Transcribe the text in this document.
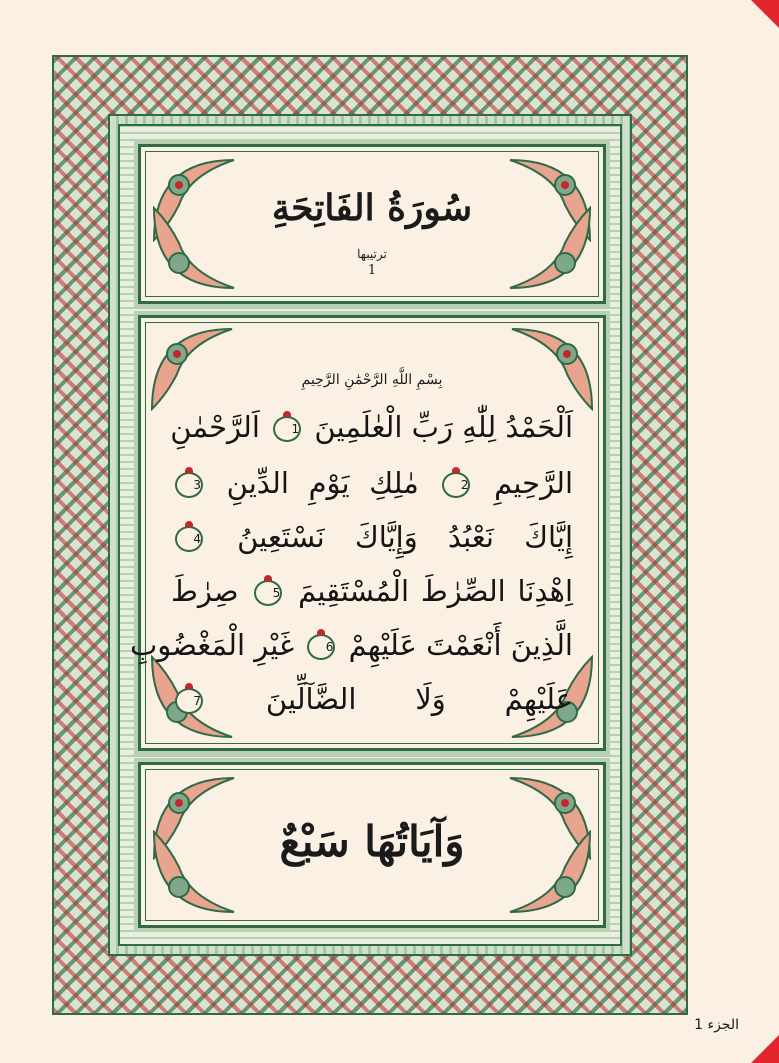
سُورَةُ الفَاتِحَةِ
ترتيبها
1
بِسْمِ اللَّهِ الرَّحْمَٰنِ الرَّحِيمِ
اَلْحَمْدُ لِلّٰهِ رَبِّ الْعٰلَمِينَ 1 اَلرَّحْمٰنِ
الرَّحِيمِ 2 مٰلِكِ يَوْمِ الدِّينِ 3
إِيَّاكَ نَعْبُدُ وَإِيَّاكَ نَسْتَعِينُ 4
اِهْدِنَا الصِّرٰطَ الْمُسْتَقِيمَ 5 صِرٰطَ
الَّذِينَ أَنْعَمْتَ عَلَيْهِمْ 6 غَيْرِ الْمَغْضُوبِ
عَلَيْهِمْ وَلَا الضَّآلِّينَ 7
وَآيَاتُهَا سَبْعٌ
الجزء 1
